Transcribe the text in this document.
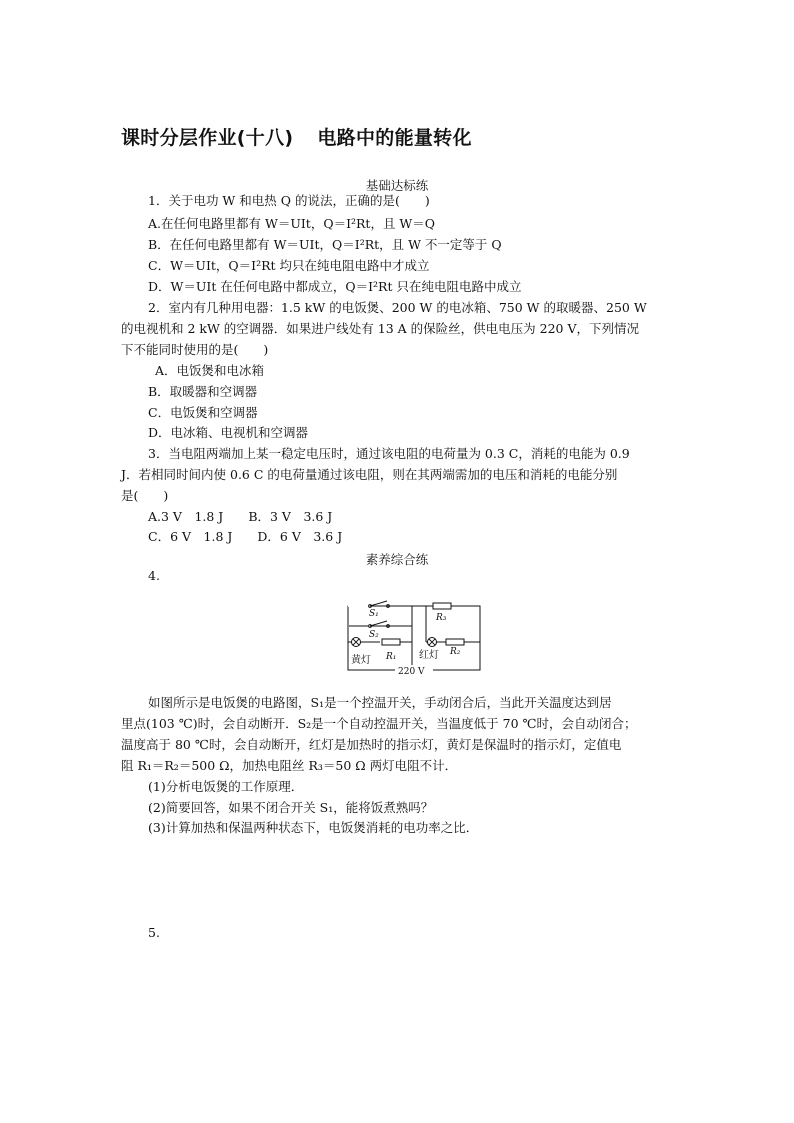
课时分层作业(十八) 电路中的能量转化
基础达标练
1．关于电功 W 和电热 Q 的说法，正确的是(　　)
A.在任何电路里都有 W＝UIt，Q＝I²Rt，且 W＝Q
B．在任何电路里都有 W＝UIt，Q＝I²Rt，且 W 不一定等于 Q
C．W＝UIt，Q＝I²Rt 均只在纯电阻电路中才成立
D．W＝UIt 在任何电路中都成立，Q＝I²Rt 只在纯电阻电路中成立
2．室内有几种用电器：1.5 kW 的电饭煲、200 W 的电冰箱、750 W 的取暖器、250 W
的电视机和 2 kW 的空调器．如果进户线处有 13 A 的保险丝，供电电压为 220 V，下列情况
下不能同时使用的是(　　)
A．电饭煲和电冰箱
B．取暖器和空调器
C．电饭煲和空调器
D．电冰箱、电视机和空调器
3．当电阻两端加上某一稳定电压时，通过该电阻的电荷量为 0.3 C，消耗的电能为 0.9
J．若相同时间内使 0.6 C 的电荷量通过该电阻，则在其两端需加的电压和消耗的电能分别
是(　　)
A.3 V　1.8 J　　B．3 V　3.6 J
C．6 V　1.8 J　　D．6 V　3.6 J
素养综合练
4.
S₁
S₂
R₁	R₂
R₃
黄灯	红灯
220 V
如图所示是电饭煲的电路图，S₁是一个控温开关，手动闭合后，当此开关温度达到居
里点(103 ℃)时，会自动断开．S₂是一个自动控温开关，当温度低于 70 ℃时，会自动闭合；
温度高于 80 ℃时，会自动断开，红灯是加热时的指示灯，黄灯是保温时的指示灯，定值电
阻 R₁＝R₂＝500 Ω，加热电阻丝 R₃＝50 Ω 两灯电阻不计．
(1)分析电饭煲的工作原理．
(2)简要回答，如果不闭合开关 S₁，能将饭煮熟吗？
(3)计算加热和保温两种状态下，电饭煲消耗的电功率之比．
5.
